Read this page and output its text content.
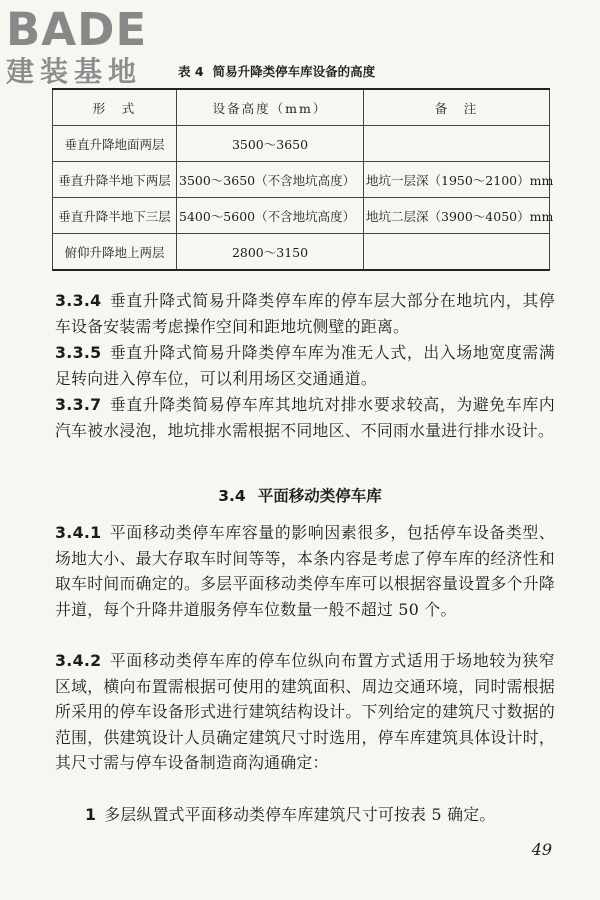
BADE
建装基地	表 4 简易升降类停车库设备的高度
形　式	设备高度（mm）	备　注
垂直升降地面两层	3500～3650	
垂直升降半地下两层	3500～3650（不含地坑高度）	地坑一层深（1950～2100）mm
垂直升降半地下三层	5400～5600（不含地坑高度）	地坑二层深（3900～4050）mm
俯仰升降地上两层	2800～3150	
3.3.4 垂直升降式简易升降类停车库的停车层大部分在地坑内，其停车设备安装需考虑操作空间和距地坑侧壁的距离。
3.3.5 垂直升降式简易升降类停车库为准无人式，出入场地宽度需满足转向进入停车位，可以利用场区交通通道。
3.3.7 垂直升降类简易停车库其地坑对排水要求较高，为避免车库内汽车被水浸泡，地坑排水需根据不同地区、不同雨水量进行排水设计。
3.4 平面移动类停车库
3.4.1 平面移动类停车库容量的影响因素很多，包括停车设备类型、场地大小、最大存取车时间等等，本条内容是考虑了停车库的经济性和取车时间而确定的。多层平面移动类停车库可以根据容量设置多个升降井道，每个升降井道服务停车位数量一般不超过 50 个。
3.4.2 平面移动类停车库的停车位纵向布置方式适用于场地较为狭窄区域，横向布置需根据可使用的建筑面积、周边交通环境，同时需根据所采用的停车设备形式进行建筑结构设计。下列给定的建筑尺寸数据的范围，供建筑设计人员确定建筑尺寸时选用，停车库建筑具体设计时，其尺寸需与停车设备制造商沟通确定：
1 多层纵置式平面移动类停车库建筑尺寸可按表 5 确定。
49
